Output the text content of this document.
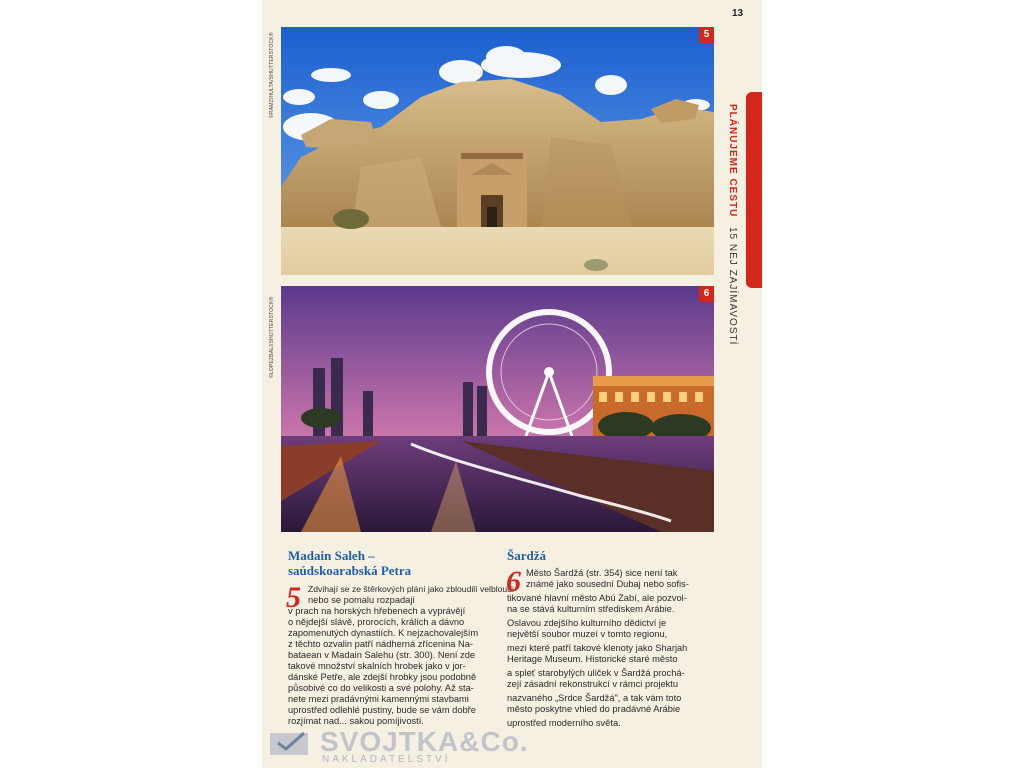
13
5
©RAMZIHULTA/SHUTTERSTOCK®
6
©LOPEZBALI/SHUTTERSTOCK®
PLÁNUJEME CESTU 15 NEJ ZAJÍMAVOSTÍ
Madain Saleh –
saúdskoarabská Petra
5 Zdvihají se ze štěrkových plání jako zbloudilí velbloudi
nebo se pomalu rozpadají
v prach na horských hřebenech a vyprávějí
o nějdejší slávě, prorocích, králích a dávno
zapomenutých dynastiích. K nejzachovalejším
z těchto ozvalin patří nádherná zřícenina Na-
bataean v Madain Salehu (str. 300). Není zde
takové množství skalních hrobek jako v jor-
dánské Petře, ale zdejší hrobky jsou podobně
působivé co do velikosti a své polohy. Až sta-
nete mezi pradávnými kamennými stavbami
uprostřed odlehlé pustiny, bude se vám dobře
rozjímat nad... sakou pomíjivostí.
Šardžá
6 Město Šardžá (str. 354) sice není tak
známé jako sousední Dubaj nebo sofis-
tikované hlavní město Abú Zabí, ale pozvol-
na se stává kulturním střediskem Arábie.
Oslavou zdejšího kulturního dědictví je
největší soubor muzeí v tomto regionu,
mezi které patří takové klenoty jako Sharjah
Heritage Museum. Historické staré město
a spleť starobylých uliček v Šardžá prochá-
zejí zásadní rekonstrukcí v rámci projektu
nazvaného „Srdce Šardžá", a tak vám toto
město poskytne vhled do pradávné Arábie
uprostřed moderního světa.
SVOJTKA&Co.
NAKLADATELSTVÍ
